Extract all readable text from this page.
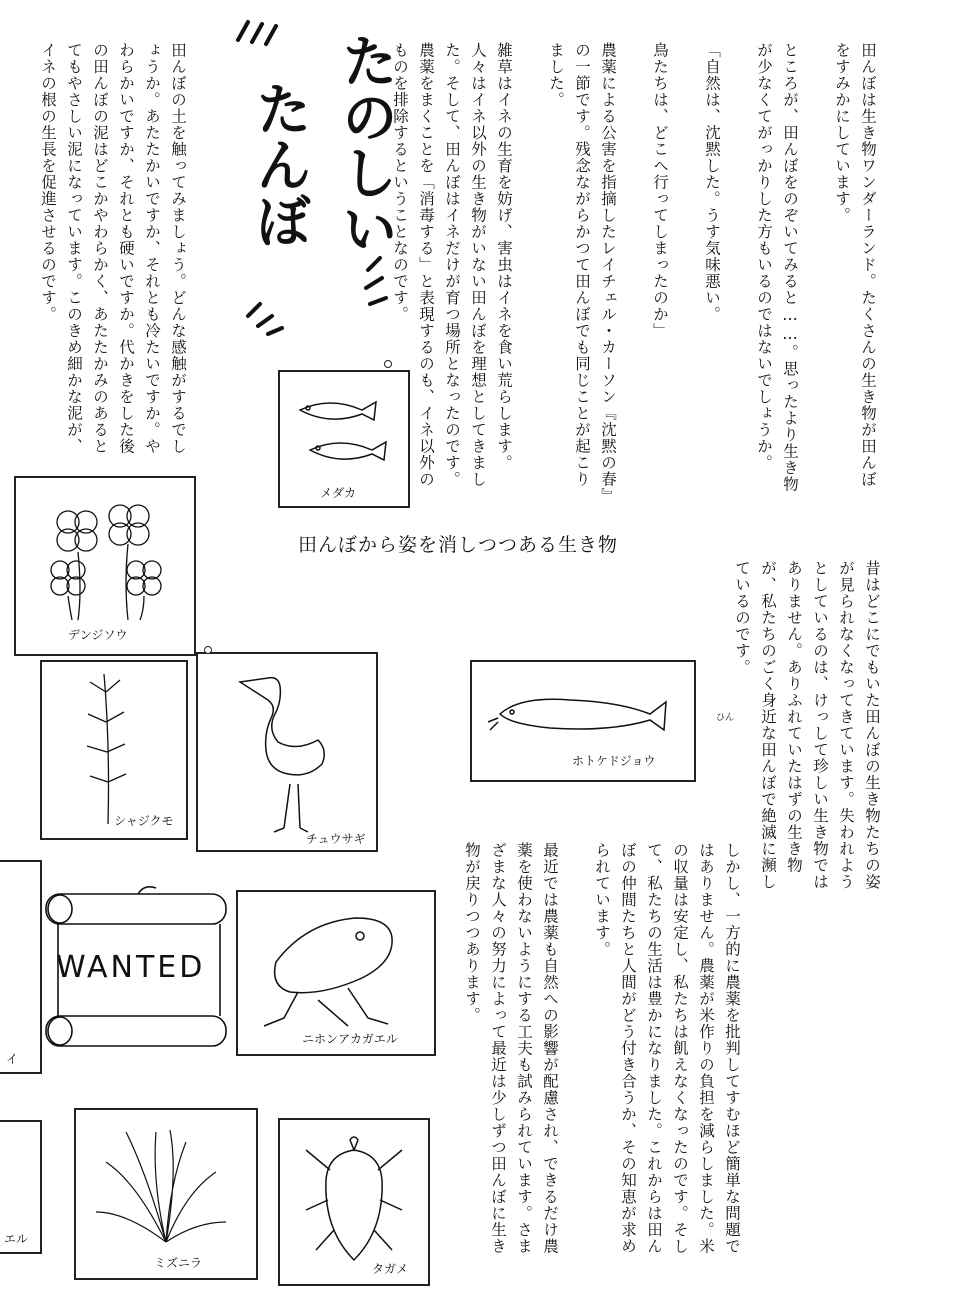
たのしい
たんぼ	田んぼは生き物ワンダーランド。たくさんの生き物が田んぼをすみかにしています。

ところが、田んぼをのぞいてみると……。思ったより生き物が少なくてがっかりした方もいるのではないでしょうか。

「自然は、沈黙した。うす気味悪い。

鳥たちは、どこへ行ってしまったのか」

農薬による公害を指摘したレイチェル・カーソン『沈黙の春』の一節です。残念ながらかつて田んぼでも同じことが起こりました。

雑草はイネの生育を妨げ、害虫はイネを食い荒らします。人々はイネ以外の生き物がいない田んぼを理想としてきました。そして、田んぼはイネだけが育つ場所となったのです。農薬をまくことを「消毒する」と表現するのも、イネ以外のものを排除するということなのです。

田んぼの土を触ってみましょう。どんな感触がするでしょうか。あたたかいですか、それとも冷たいですか。やわらかいですか、それとも硬いですか。代かきをした後の田んぼの泥はどこかやわらかく、あたたかみのあるとてもやさしい泥になっています。このきめ細かな泥が、イネの根の生長を促進させるのです。

田んぼから姿を消しつつある生き物

昔はどこにでもいた田んぼの生き物たちの姿が見られなくなってきています。失われようとしているのは、けっして珍しい生き物ではありません。ありふれていたはずの生き物が、私たちのごく身近な田んぼで絶滅に瀕しているのです。

ひん

しかし、一方的に農薬を批判してすむほど簡単な問題ではありません。農薬が米作りの負担を減らしました。米の収量は安定し、私たちは飢えなくなったのです。そして、私たちの生活は豊かになりました。これからは田んぼの仲間たちと人間がどう付き合うか、その知恵が求められています。

最近では農薬も自然への影響が配慮され、できるだけ農薬を使わないようにする工夫も試みられています。さまざまな人々の努力によって最近は少しずつ田んぼに生き物が戻りつつあります。

メダカ
デンジソウ
シャジクモ
チュウサギ
ホトケドジョウ
WANTED
ニホンアカガエル
ミズニラ	タガメ
イ
エル
